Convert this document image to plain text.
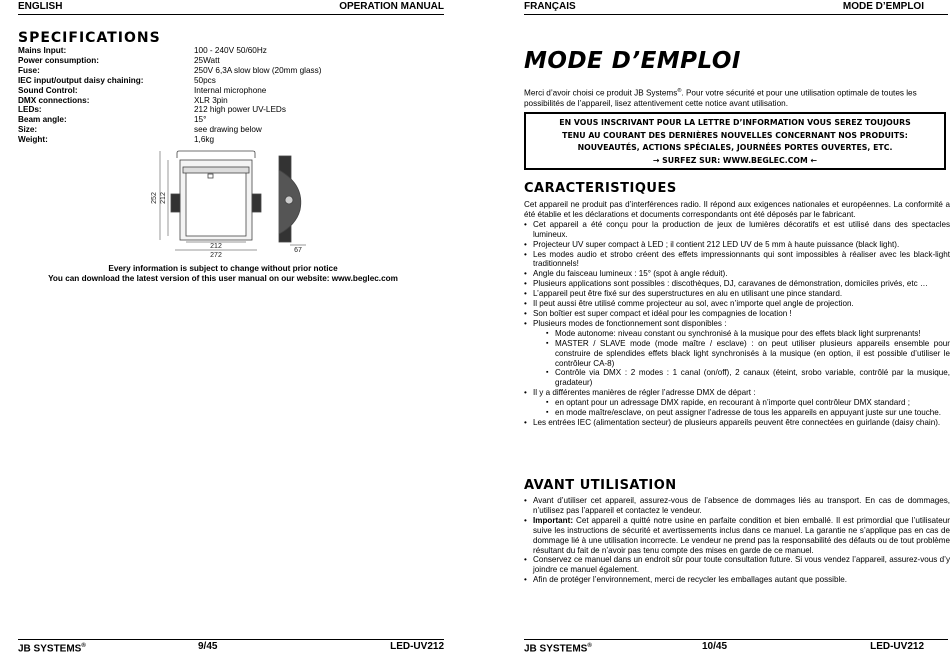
ENGLISH	OPERATION MANUAL
SPECIFICATIONS
Mains Input:	100 - 240V 50/60Hz
Power consumption:	25Watt
Fuse:	250V 6,3A slow blow (20mm glass)
IEC input/output daisy chaining:	50pcs
Sound Control:	Internal microphone
DMX connections:	XLR 3pin
LEDs:	212 high power UV-LEDs
Beam angle:	15°
Size:	see drawing below
Weight:	1,6kg
212
272
252 212
67
Every information is subject to change without prior notice
You can download the latest version of this user manual on our website: www.beglec.com
JB SYSTEMS®	9/45	LED-UV212
FRANÇAIS	MODE D’EMPLOI
MODE D’EMPLOI
Merci d’avoir choisi ce produit JB Systems®. Pour votre sécurité et pour une utilisation optimale de toutes les possibilités de l’appareil, lisez attentivement cette notice avant utilisation.
EN VOUS INSCRIVANT POUR LA LETTRE D’INFORMATION VOUS SEREZ TOUJOURS
TENU AU COURANT DES DERNIÈRES NOUVELLES CONCERNANT NOS PRODUITS:
NOUVEAUTÉS, ACTIONS SPÉCIALES, JOURNÉES PORTES OUVERTES, ETC.
→ SURFEZ SUR: WWW.BEGLEC.COM ←
CARACTERISTIQUES
Cet appareil ne produit pas d’interférences radio. Il répond aux exigences nationales et européennes. La conformité a été établie et les déclarations et documents correspondants ont été déposés par le fabricant.
• Cet appareil a été conçu pour la production de jeux de lumières décoratifs et est utilisé dans des spectacles lumineux.
• Projecteur UV super compact à LED ; il contient 212 LED UV de 5 mm à haute puissance (black light).
• Les modes audio et strobo créent des effets impressionnants qui sont impossibles à réaliser avec les black-light traditionnels!
• Angle du faisceau lumineux : 15° (spot à angle réduit).
• Plusieurs applications sont possibles : discothèques, DJ, caravanes de démonstration, domiciles privés, etc …
• L’appareil peut être fixé sur des superstructures en alu en utilisant une pince standard.
• Il peut aussi être utilisé comme projecteur au sol, avec n’importe quel angle de projection.
• Son boîtier est super compact et idéal pour les compagnies de location !
• Plusieurs modes de fonctionnement sont disponibles :
▪ Mode autonome: niveau constant ou synchronisé à la musique pour des effets black light surprenants!
▪ MASTER / SLAVE mode (mode maître / esclave) : on peut utiliser plusieurs appareils ensemble pour construire de splendides effets black light synchronisés à la musique (en option, il est possible d’utiliser le contrôleur CA-8)
▪ Contrôle via DMX : 2 modes : 1 canal (on/off), 2 canaux (éteint, srobo variable, contrôlé par la musique, gradateur)
• Il y a différentes manières de régler l’adresse DMX de départ :
▪ en optant pour un adressage DMX rapide, en recourant à n’importe quel contrôleur DMX standard ;
▪ en mode maître/esclave, on peut assigner l’adresse de tous les appareils en appuyant juste sur une touche.
• Les entrées IEC (alimentation secteur) de plusieurs appareils peuvent être connectées en guirlande (daisy chain).
AVANT UTILISATION
• Avant d’utiliser cet appareil, assurez-vous de l’absence de dommages liés au transport. En cas de dommages, n’utilisez pas l’appareil et contactez le vendeur.
• Important: Cet appareil a quitté notre usine en parfaite condition et bien emballé. Il est primordial que l’utilisateur suive les instructions de sécurité et avertissements inclus dans ce manuel. La garantie ne s’applique pas en cas de dommage lié à une utilisation incorrecte. Le vendeur ne prend pas la responsabilité des défauts ou de tout problème résultant du fait de n’avoir pas tenu compte des mises en garde de ce manuel.
• Conservez ce manuel dans un endroit sûr pour toute consultation future. Si vous vendez l’appareil, assurez-vous d’y joindre ce manuel également.
• Afin de protéger l’environnement, merci de recycler les emballages autant que possible.
JB SYSTEMS®	10/45	LED-UV212
